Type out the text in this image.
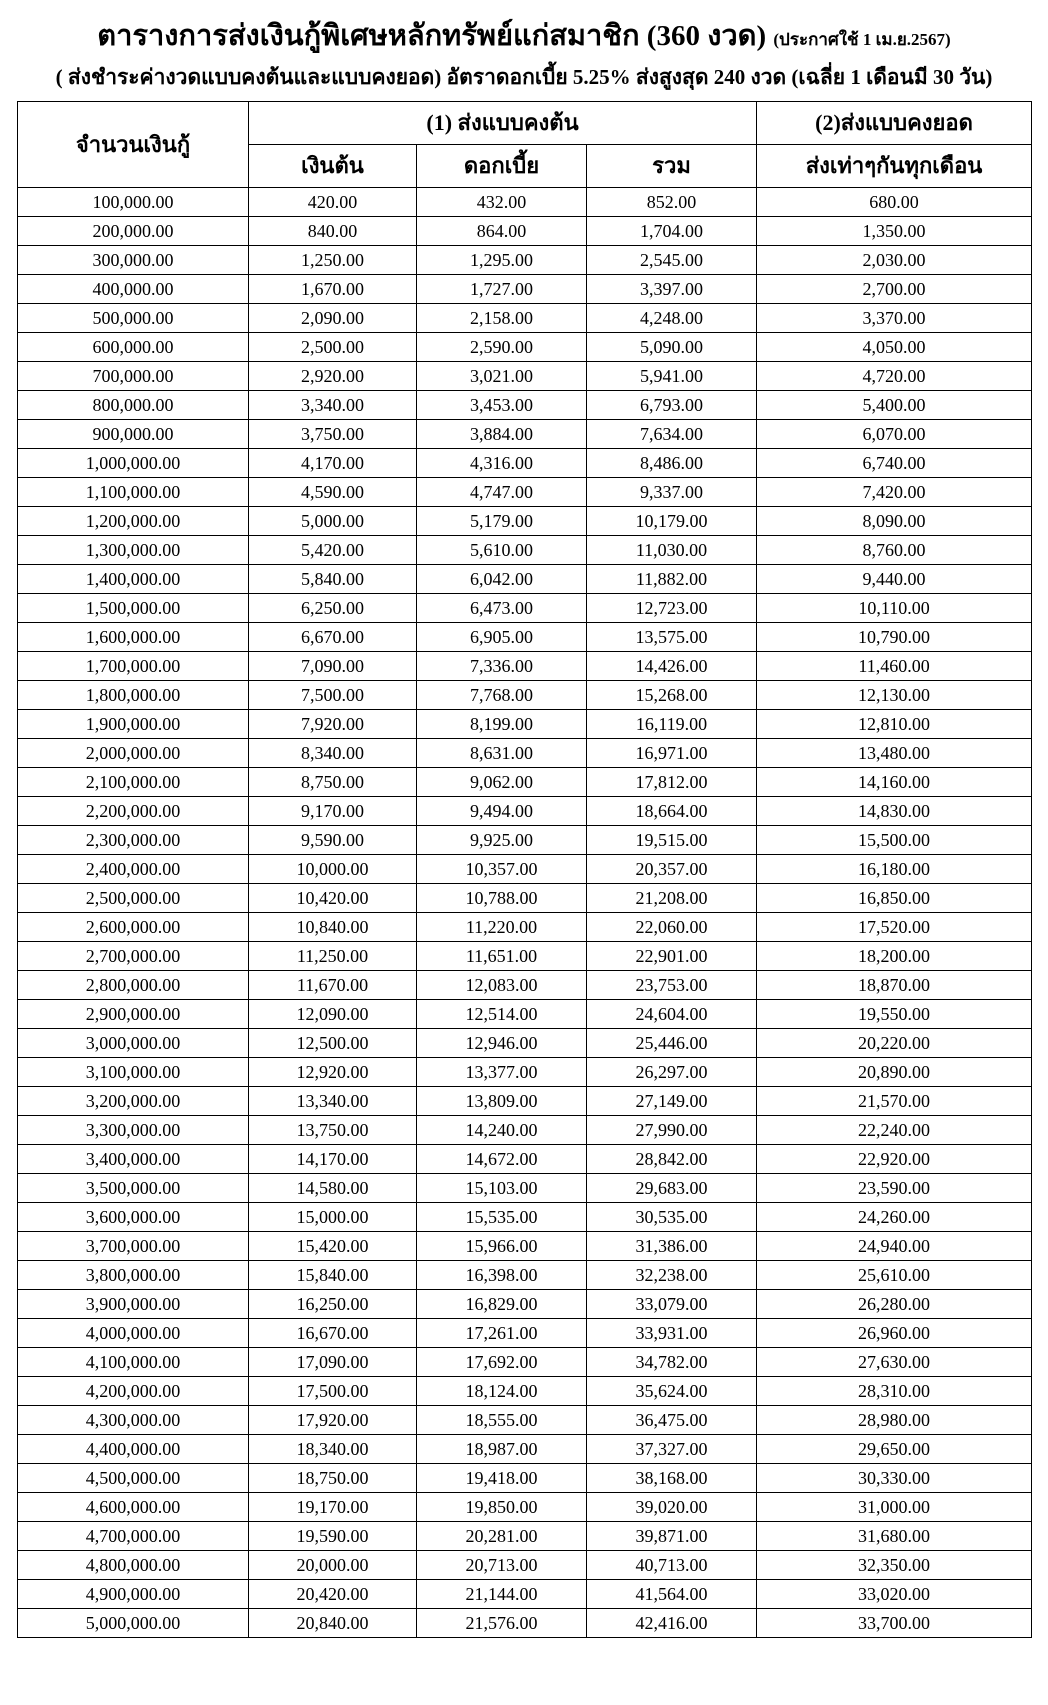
ตารางการส่งเงินกู้พิเศษหลักทรัพย์แก่สมาชิก (360 งวด) (ประกาศใช้ 1 เม.ย.2567)
( ส่งชำระค่างวดแบบคงต้นและแบบคงยอด) อัตราดอกเบี้ย 5.25% ส่งสูงสุด 240 งวด (เฉลี่ย 1 เดือนมี 30 วัน)
จำนวนเงินกู้	(1) ส่งแบบคงต้น			(2)ส่งแบบคงยอด
	เงินต้น	ดอกเบี้ย	รวม	ส่งเท่าๆกันทุกเดือน
100,000.00	420.00	432.00	852.00	680.00
200,000.00	840.00	864.00	1,704.00	1,350.00
300,000.00	1,250.00	1,295.00	2,545.00	2,030.00
400,000.00	1,670.00	1,727.00	3,397.00	2,700.00
500,000.00	2,090.00	2,158.00	4,248.00	3,370.00
600,000.00	2,500.00	2,590.00	5,090.00	4,050.00
700,000.00	2,920.00	3,021.00	5,941.00	4,720.00
800,000.00	3,340.00	3,453.00	6,793.00	5,400.00
900,000.00	3,750.00	3,884.00	7,634.00	6,070.00
1,000,000.00	4,170.00	4,316.00	8,486.00	6,740.00
1,100,000.00	4,590.00	4,747.00	9,337.00	7,420.00
1,200,000.00	5,000.00	5,179.00	10,179.00	8,090.00
1,300,000.00	5,420.00	5,610.00	11,030.00	8,760.00
1,400,000.00	5,840.00	6,042.00	11,882.00	9,440.00
1,500,000.00	6,250.00	6,473.00	12,723.00	10,110.00
1,600,000.00	6,670.00	6,905.00	13,575.00	10,790.00
1,700,000.00	7,090.00	7,336.00	14,426.00	11,460.00
1,800,000.00	7,500.00	7,768.00	15,268.00	12,130.00
1,900,000.00	7,920.00	8,199.00	16,119.00	12,810.00
2,000,000.00	8,340.00	8,631.00	16,971.00	13,480.00
2,100,000.00	8,750.00	9,062.00	17,812.00	14,160.00
2,200,000.00	9,170.00	9,494.00	18,664.00	14,830.00
2,300,000.00	9,590.00	9,925.00	19,515.00	15,500.00
2,400,000.00	10,000.00	10,357.00	20,357.00	16,180.00
2,500,000.00	10,420.00	10,788.00	21,208.00	16,850.00
2,600,000.00	10,840.00	11,220.00	22,060.00	17,520.00
2,700,000.00	11,250.00	11,651.00	22,901.00	18,200.00
2,800,000.00	11,670.00	12,083.00	23,753.00	18,870.00
2,900,000.00	12,090.00	12,514.00	24,604.00	19,550.00
3,000,000.00	12,500.00	12,946.00	25,446.00	20,220.00
3,100,000.00	12,920.00	13,377.00	26,297.00	20,890.00
3,200,000.00	13,340.00	13,809.00	27,149.00	21,570.00
3,300,000.00	13,750.00	14,240.00	27,990.00	22,240.00
3,400,000.00	14,170.00	14,672.00	28,842.00	22,920.00
3,500,000.00	14,580.00	15,103.00	29,683.00	23,590.00
3,600,000.00	15,000.00	15,535.00	30,535.00	24,260.00
3,700,000.00	15,420.00	15,966.00	31,386.00	24,940.00
3,800,000.00	15,840.00	16,398.00	32,238.00	25,610.00
3,900,000.00	16,250.00	16,829.00	33,079.00	26,280.00
4,000,000.00	16,670.00	17,261.00	33,931.00	26,960.00
4,100,000.00	17,090.00	17,692.00	34,782.00	27,630.00
4,200,000.00	17,500.00	18,124.00	35,624.00	28,310.00
4,300,000.00	17,920.00	18,555.00	36,475.00	28,980.00
4,400,000.00	18,340.00	18,987.00	37,327.00	29,650.00
4,500,000.00	18,750.00	19,418.00	38,168.00	30,330.00
4,600,000.00	19,170.00	19,850.00	39,020.00	31,000.00
4,700,000.00	19,590.00	20,281.00	39,871.00	31,680.00
4,800,000.00	20,000.00	20,713.00	40,713.00	32,350.00
4,900,000.00	20,420.00	21,144.00	41,564.00	33,020.00
5,000,000.00	20,840.00	21,576.00	42,416.00	33,700.00
